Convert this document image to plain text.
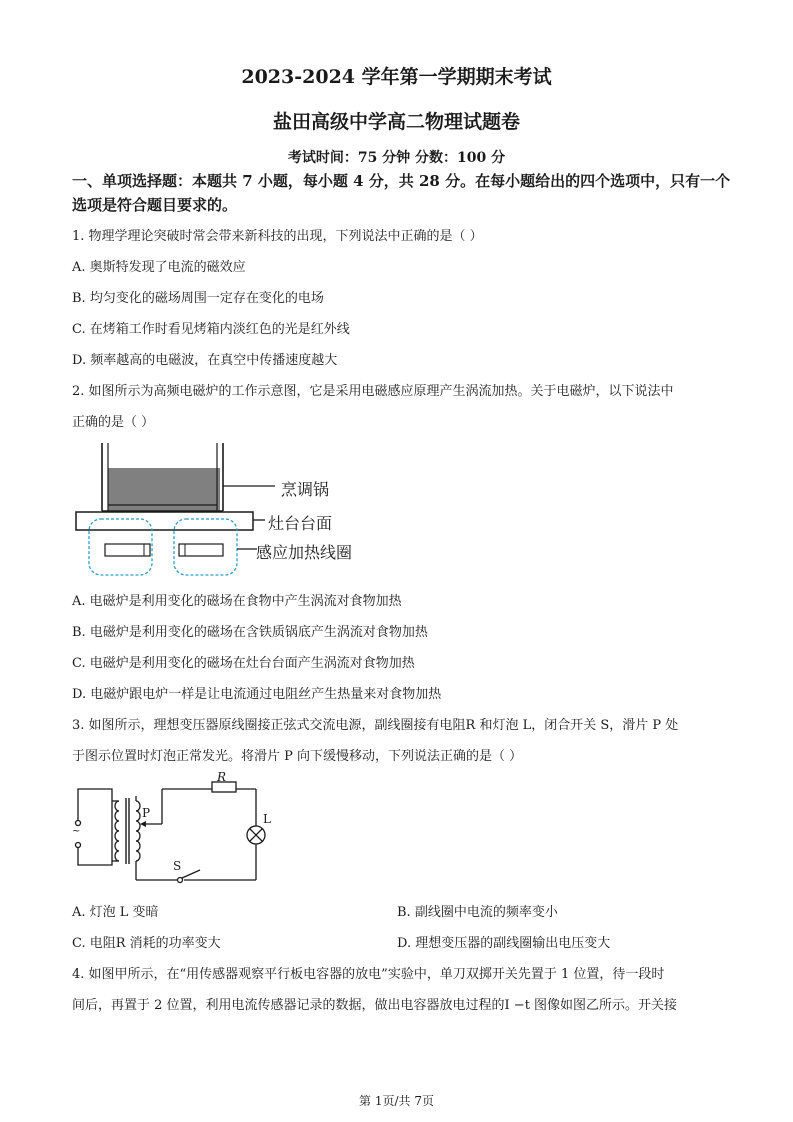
2023-2024 学年第一学期期末考试
盐田高级中学高二物理试题卷
考试时间：75 分钟 分数：100 分
一、单项选择题：本题共 7 小题，每小题 4 分，共 28 分。在每小题给出的四个选项中，只有一个选项是符合题目要求的。
1. 物理学理论突破时常会带来新科技的出现，下列说法中正确的是（ ）
A. 奥斯特发现了电流的磁效应
B. 均匀变化的磁场周围一定存在变化的电场
C. 在烤箱工作时看见烤箱内淡红色的光是红外线
D. 频率越高的电磁波，在真空中传播速度越大
2. 如图所示为高频电磁炉的工作示意图，它是采用电磁感应原理产生涡流加热。关于电磁炉，以下说法中
正确的是（ ）
烹调锅
灶台台面
感应加热线圈
A. 电磁炉是利用变化的磁场在食物中产生涡流对食物加热
B. 电磁炉是利用变化的磁场在含铁质锅底产生涡流对食物加热
C. 电磁炉是利用变化的磁场在灶台台面产生涡流对食物加热
D. 电磁炉跟电炉一样是让电流通过电阻丝产生热量来对食物加热
3. 如图所示，理想变压器原线圈接正弦式交流电源，副线圈接有电阻R 和灯泡 L，闭合开关 S，滑片 P 处
于图示位置时灯泡正常发光。将滑片 P 向下缓慢移动，下列说法正确的是（ ）
R
L
P
S
~
A. 灯泡 L 变暗	B. 副线圈中电流的频率变小
C. 电阻R 消耗的功率变大	D. 理想变压器的副线圈输出电压变大
4. 如图甲所示，在“用传感器观察平行板电容器的放电”实验中，单刀双掷开关先置于 1 位置，待一段时
间后，再置于 2 位置，利用电流传感器记录的数据，做出电容器放电过程的I −t 图像如图乙所示。开关接
第 1页/共 7页
